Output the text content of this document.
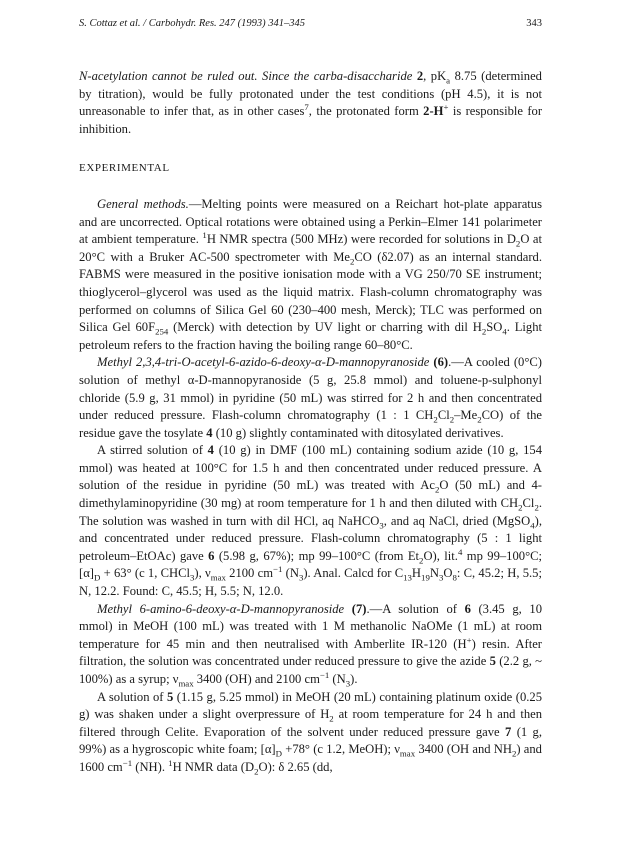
S. Cottaz et al. / Carbohydr. Res. 247 (1993) 341–345	343

N-acetylation cannot be ruled out. Since the carba-disaccharide 2, $pK_a$ 8.75 (determined by titration), would be fully protonated under the test conditions (pH 4.5), it is not unreasonable to infer that, as in other cases$^7$, the protonated form 2-H+ is responsible for inhibition.

EXPERIMENTAL

General methods.—Melting points were measured on a Reichart hot-plate apparatus and are uncorrected. Optical rotations were obtained using a Perkin–Elmer 141 polarimeter at ambient temperature. $^1$H NMR spectra (500 MHz) were recorded for solutions in $D_2O$ at 20°C with a Bruker AC-500 spectrometer with $Me_2CO$ (δ2.07) as an internal standard. FABMS were measured in the positive ionisation mode with a VG 250/70 SE instrument; thioglycerol–glycerol was used as the liquid matrix. Flash-column chromatography was performed on columns of Silica Gel 60 (230–400 mesh, Merck); TLC was performed on Silica Gel $60F_{254}$ (Merck) with detection by UV light or charring with dil $H_2SO_4$. Light petroleum refers to the fraction having the boiling range 60–80°C.

Methyl 2,3,4-tri-O-acetyl-6-azido-6-deoxy-α-D-mannopyranoside (6).—A cooled (0°C) solution of methyl α-D-mannopyranoside (5 g, 25.8 mmol) and toluene-p-sulphonyl chloride (5.9 g, 31 mmol) in pyridine (50 mL) was stirred for 2 h and then concentrated under reduced pressure. Flash-column chromatography (1 : 1 $CH_2Cl_2-Me_2CO$) of the residue gave the tosylate 4 (10 g) slightly contaminated with ditosylated derivatives.

A stirred solution of 4 (10 g) in DMF (100 mL) containing sodium azide (10 g, 154 mmol) was heated at 100°C for 1.5 h and then concentrated under reduced pressure. A solution of the residue in pyridine (50 mL) was treated with $Ac_2O$ (50 mL) and 4-dimethylaminopyridine (30 mg) at room temperature for 1 h and then diluted with $CH_2Cl_2$. The solution was washed in turn with dil HCl, aq NaHCO$_3$, and aq NaCl, dried (MgSO$_4$), and concentrated under reduced pressure. Flash-column chromatography (5 : 1 light petroleum–EtOAc) gave 6 (5.98 g, 67%); mp 99–100°C (from $Et_2O$), lit.$^4$ mp 99–100°C; $[\alpha]_D + 63^\circ$ (c 1, CHCl$_3$), $\nu_{max}$ 2100 $cm^{-1}$ $(N_3)$. Anal. Calcd for $C_{13}H_{19}N_3O_8$: C, 45.2; H, 5.5; N, 12.2. Found: C, 45.5; H, 5.5; N, 12.0.

Methyl 6-amino-6-deoxy-α-D-mannopyranoside (7).—A solution of 6 (3.45 g, 10 mmol) in MeOH (100 mL) was treated with 1 M methanolic NaOMe (1 mL) at room temperature for 45 min and then neutralised with Amberlite IR-120 (H+) resin. After filtration, the solution was concentrated under reduced pressure to give the azide 5 (2.2 g, ~ 100%) as a syrup; $\nu_{max}$ 3400 (OH) and 2100 $cm^{-1}$ $(N_3)$.

A solution of 5 (1.15 g, 5.25 mmol) in MeOH (20 mL) containing platinum oxide (0.25 g) was shaken under a slight overpressure of $H_2$ at room temperature for 24 h and then filtered through Celite. Evaporation of the solvent under reduced pressure gave 7 (1 g, 99%) as a hygroscopic white foam; $[\alpha]_D +78^\circ$ (c 1.2, MeOH); $\nu_{max}$ 3400 (OH and $NH_2$) and 1600 $cm^{-1}$ (NH). $^1$H NMR data $(D_2O)$: δ 2.65 (dd,
